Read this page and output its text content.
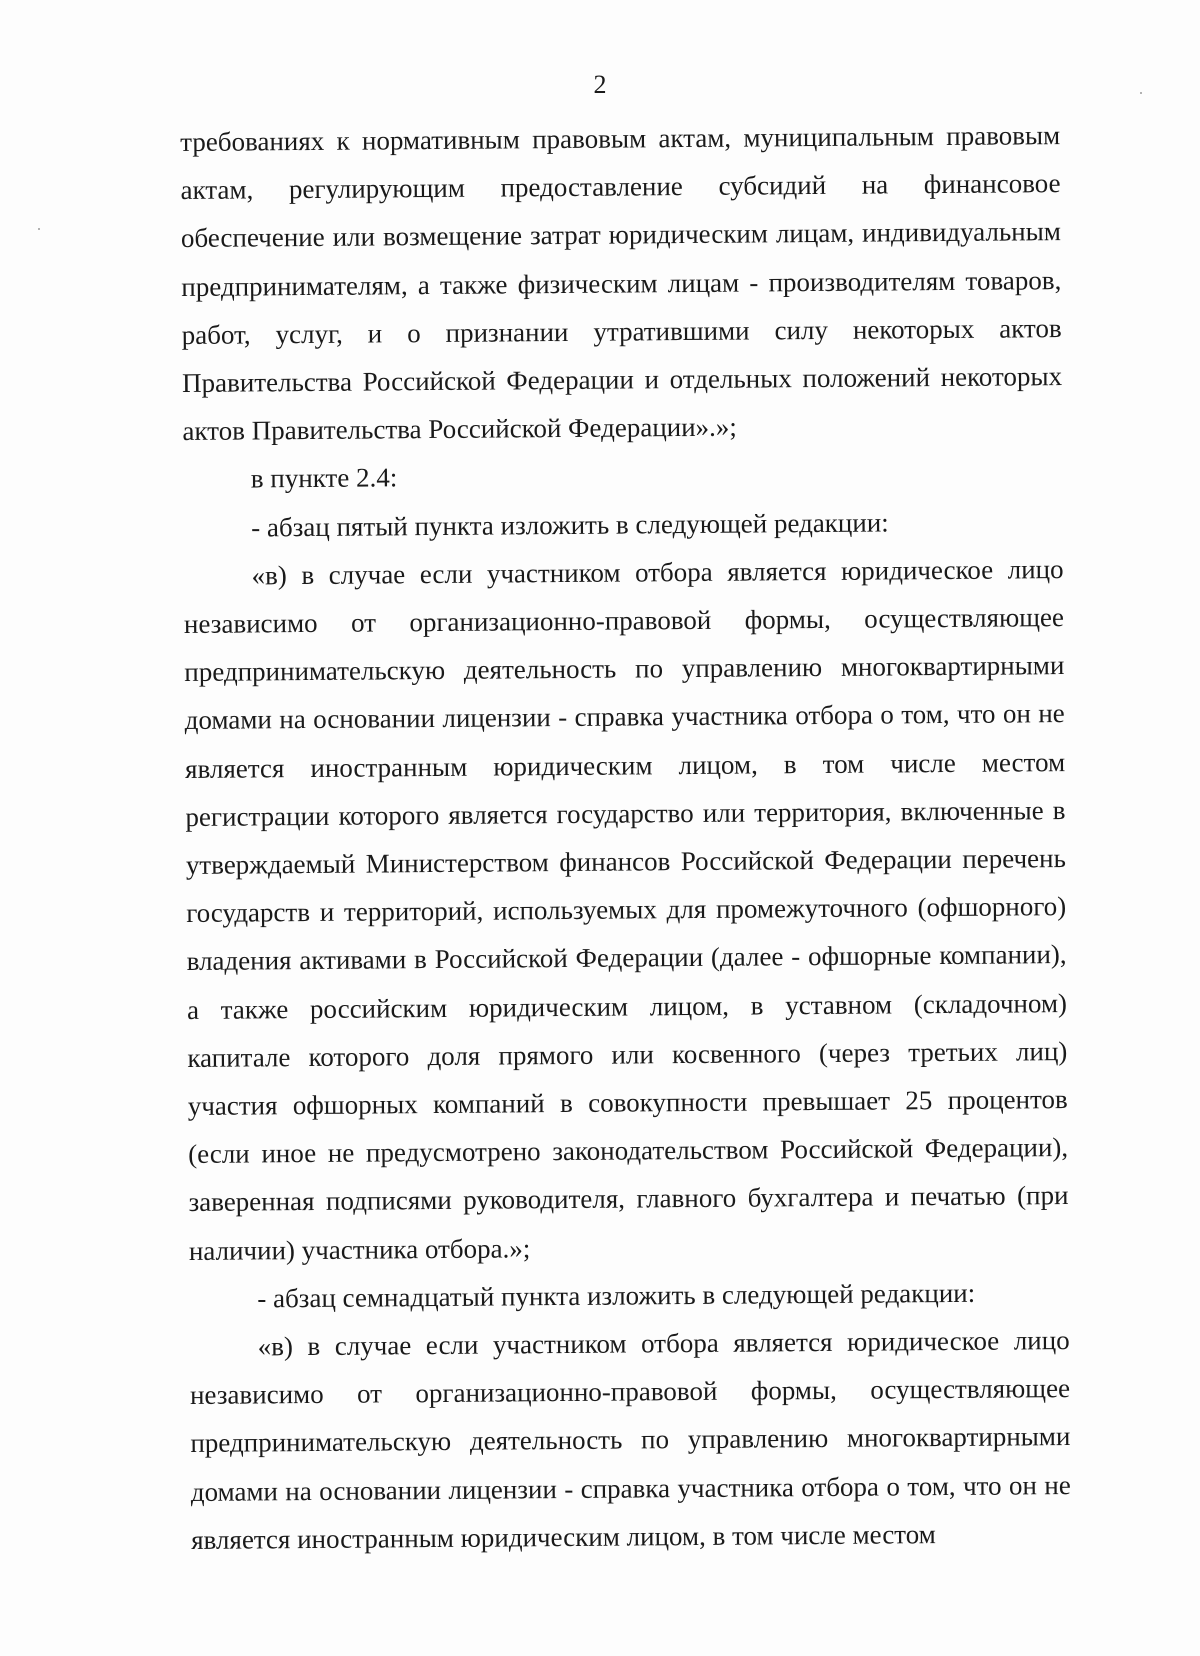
2

требованиях к нормативным правовым актам, муниципальным правовым актам, регулирующим предоставление субсидий на финансовое обеспечение или возмещение затрат юридическим лицам, индивидуальным предпринимателям, а также физическим лицам - производителям товаров, работ, услуг, и о признании утратившими силу некоторых актов Правительства Российской Федерации и отдельных положений некоторых актов Правительства Российской Федерации».»;

в пункте 2.4:

- абзац пятый пункта изложить в следующей редакции:

«в) в случае если участником отбора является юридическое лицо независимо от организационно-правовой формы, осуществляющее предпринимательскую деятельность по управлению многоквартирными домами на основании лицензии - справка участника отбора о том, что он не является иностранным юридическим лицом, в том числе местом регистрации которого является государство или территория, включенные в утверждаемый Министерством финансов Российской Федерации перечень государств и территорий, используемых для промежуточного (офшорного) владения активами в Российской Федерации (далее - офшорные компании), а также российским юридическим лицом, в уставном (складочном) капитале которого доля прямого или косвенного (через третьих лиц) участия офшорных компаний в совокупности превышает 25 процентов (если иное не предусмотрено законодательством Российской Федерации), заверенная подписями руководителя, главного бухгалтера и печатью (при наличии) участника отбора.»;

- абзац семнадцатый пункта изложить в следующей редакции:

«в) в случае если участником отбора является юридическое лицо независимо от организационно-правовой формы, осуществляющее предпринимательскую деятельность по управлению многоквартирными домами на основании лицензии - справка участника отбора о том, что он не является иностранным юридическим лицом, в том числе местом
